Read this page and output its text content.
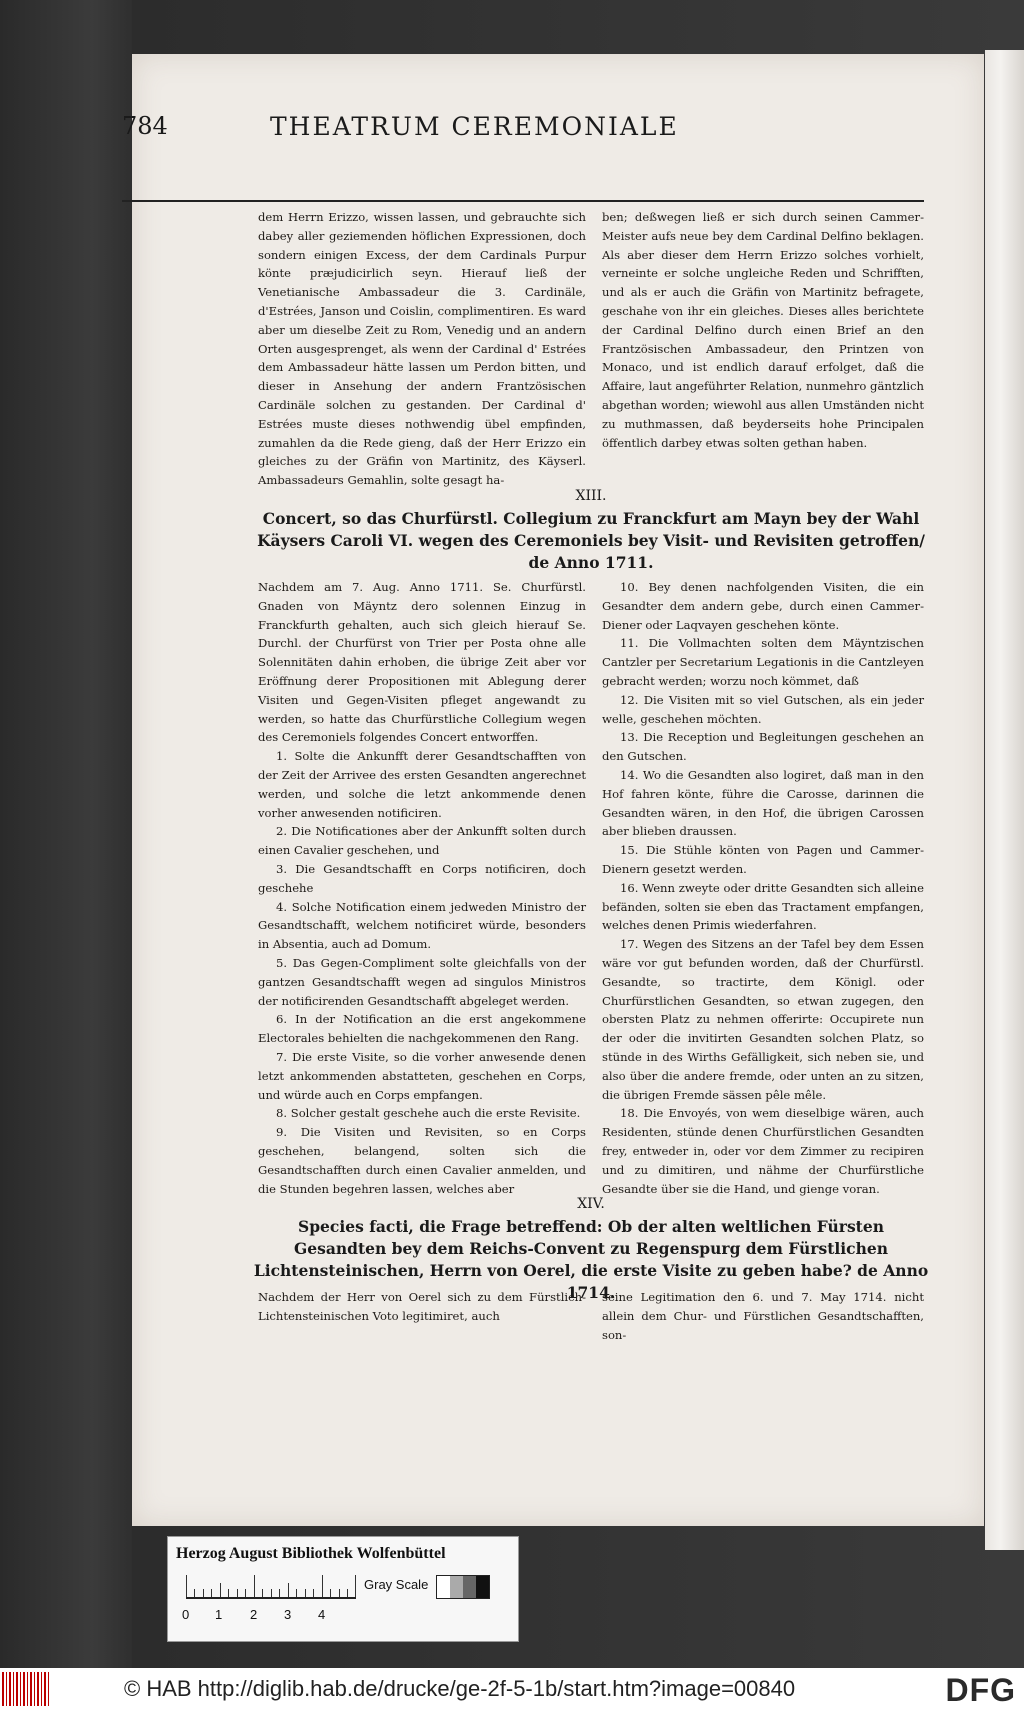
784	THEATRUM CEREMONIALE

dem Herrn Erizzo, wissen lassen, und gebrauchte sich dabey aller geziemenden höflichen Expressionen, doch sondern einigen Excess, der dem Cardinals Purpur könte præjudicirlich seyn. Hierauf ließ der Venetianische Ambassadeur die 3. Cardinäle, d'Estrées, Janson und Coislin, complimentiren. Es ward aber um dieselbe Zeit zu Rom, Venedig und an andern Orten ausgesprenget, als wenn der Cardinal d' Estrées dem Ambassadeur hätte lassen um Perdon bitten, und dieser in Ansehung der andern Frantzösischen Cardinäle solchen zu gestanden. Der Cardinal d' Estrées muste dieses nothwendig übel empfinden, zumahlen da die Rede gieng, daß der Herr Erizzo ein gleiches zu der Gräfin von Martinitz, des Käyserl. Ambassadeurs Gemahlin, solte gesagt ha-

ben; deßwegen ließ er sich durch seinen Cammer-Meister aufs neue bey dem Cardinal Delfino beklagen. Als aber dieser dem Herrn Erizzo solches vorhielt, verneinte er solche ungleiche Reden und Schrifften, und als er auch die Gräfin von Martinitz befragete, geschahe von ihr ein gleiches. Dieses alles berichtete der Cardinal Delfino durch einen Brief an den Frantzösischen Ambassadeur, den Printzen von Monaco, und ist endlich darauf erfolget, daß die Affaire, laut angeführter Relation, nunmehro gäntzlich abgethan worden; wiewohl aus allen Umständen nicht zu muthmassen, daß beyderseits hohe Principalen öffentlich darbey etwas solten gethan haben.

XIII.
Concert, so das Churfürstl. Collegium zu Franckfurt am Mayn bey der Wahl Käysers Caroli VI. wegen des Ceremoniels bey Visit- und Revisiten getroffen/ de Anno 1711.

Nachdem am 7. Aug. Anno 1711. Se. Churfürstl. Gnaden von Mäyntz dero solennen Einzug in Franckfurth gehalten, auch sich gleich hierauf Se. Durchl. der Churfürst von Trier per Posta ohne alle Solennitäten dahin erhoben, die übrige Zeit aber vor Eröffnung derer Propositionen mit Ablegung derer Visiten und Gegen-Visiten pfleget angewandt zu werden, so hatte das Churfürstliche Collegium wegen des Ceremoniels folgendes Concert entworffen.

1. Solte die Ankunfft derer Gesandtschafften von der Zeit der Arrivee des ersten Gesandten angerechnet werden, und solche die letzt ankommende denen vorher anwesenden notificiren.

2. Die Notificationes aber der Ankunfft solten durch einen Cavalier geschehen, und

3. Die Gesandtschafft en Corps notificiren, doch geschehe

4. Solche Notification einem jedweden Ministro der Gesandtschafft, welchem notificiret würde, besonders in Absentia, auch ad Domum.

5. Das Gegen-Compliment solte gleichfalls von der gantzen Gesandtschafft wegen ad singulos Ministros der notificirenden Gesandtschafft abgeleget werden.

6. In der Notification an die erst angekommene Electorales behielten die nachgekommenen den Rang.

7. Die erste Visite, so die vorher anwesende denen letzt ankommenden abstatteten, geschehen en Corps, und würde auch en Corps empfangen.

8. Solcher gestalt geschehe auch die erste Revisite.

9. Die Visiten und Revisiten, so en Corps geschehen, belangend, solten sich die Gesandtschafften durch einen Cavalier anmelden, und die Stunden begehren lassen, welches aber

10. Bey denen nachfolgenden Visiten, die ein Gesandter dem andern gebe, durch einen Cammer-Diener oder Laqvayen geschehen könte.

11. Die Vollmachten solten dem Mäyntzischen Cantzler per Secretarium Legationis in die Cantzleyen gebracht werden; worzu noch kömmet, daß

12. Die Visiten mit so viel Gutschen, als ein jeder welle, geschehen möchten.

13. Die Reception und Begleitungen geschehen an den Gutschen.

14. Wo die Gesandten also logiret, daß man in den Hof fahren könte, führe die Carosse, darinnen die Gesandten wären, in den Hof, die übrigen Carossen aber blieben draussen.

15. Die Stühle könten von Pagen und Cammer-Dienern gesetzt werden.

16. Wenn zweyte oder dritte Gesandten sich alleine befänden, solten sie eben das Tractament empfangen, welches denen Primis wiederfahren.

17. Wegen des Sitzens an der Tafel bey dem Essen wäre vor gut befunden worden, daß der Churfürstl. Gesandte, so tractirte, dem Königl. oder Churfürstlichen Gesandten, so etwan zugegen, den obersten Platz zu nehmen offerirte: Occupirete nun der oder die invitirten Gesandten solchen Platz, so stünde in des Wirths Gefälligkeit, sich neben sie, und also über die andere fremde, oder unten an zu sitzen, die übrigen Fremde sässen pêle mêle.

18. Die Envoyés, von wem dieselbige wären, auch Residenten, stünde denen Churfürstlichen Gesandten frey, entweder in, oder vor dem Zimmer zu recipiren und zu dimitiren, und nähme der Churfürstliche Gesandte über sie die Hand, und gienge voran.

XIV.
Species facti, die Frage betreffend: Ob der alten weltlichen Fürsten Gesandten bey dem Reichs-Convent zu Regenspurg dem Fürstlichen Lichtensteinischen, Herrn von Oerel, die erste Visite zu geben habe? de Anno 1714.

Nachdem der Herr von Oerel sich zu dem Fürstlich-Lichtensteinischen Voto legitimiret, auch

seine Legitimation den 6. und 7. May 1714. nicht allein dem Chur- und Fürstlichen Gesandtschafften, son-

Herzog August Bibliothek Wolfenbüttel
Gray Scale
0 1 2 3 4
© HAB http://diglib.hab.de/drucke/ge-2f-5-1b/start.htm?image=00840	DFG
